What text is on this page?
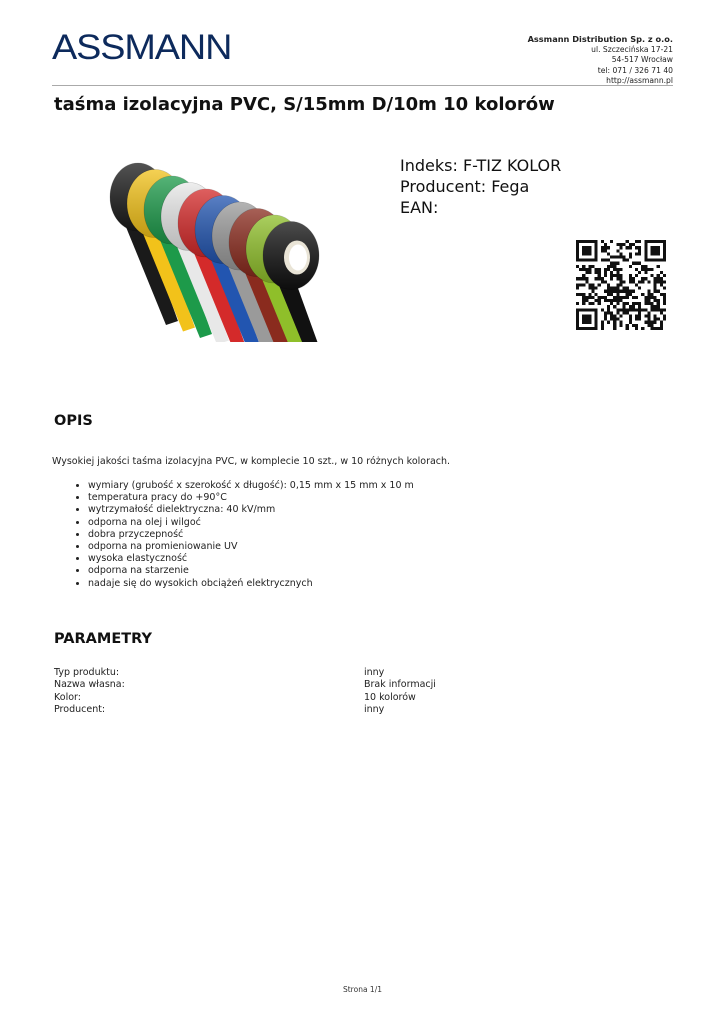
ASSMANN	Assmann Distribution Sp. z o.o.
ul. Szczecińska 17-21
54-517 Wrocław
tel: 071 / 326 71 40
http://assmann.pl
taśma izolacyjna PVC, S/15mm D/10m 10 kolorów
Indeks: F-TIZ KOLOR
Producent: Fega
EAN:
OPIS
Wysokiej jakości taśma izolacyjna PVC, w komplecie 10 szt., w 10 różnych kolorach.
• wymiary (grubość x szerokość x długość): 0,15 mm x 15 mm x 10 m
• temperatura pracy do +90°C
• wytrzymałość dielektryczna: 40 kV/mm
• odporna na olej i wilgoć
• dobra przyczepność
• odporna na promieniowanie UV
• wysoka elastyczność
• odporna na starzenie
• nadaje się do wysokich obciążeń elektrycznych
PARAMETRY
Typ produktu:	inny
Nazwa własna:	Brak informacji
Kolor:	10 kolorów
Producent:	inny
Strona 1/1
